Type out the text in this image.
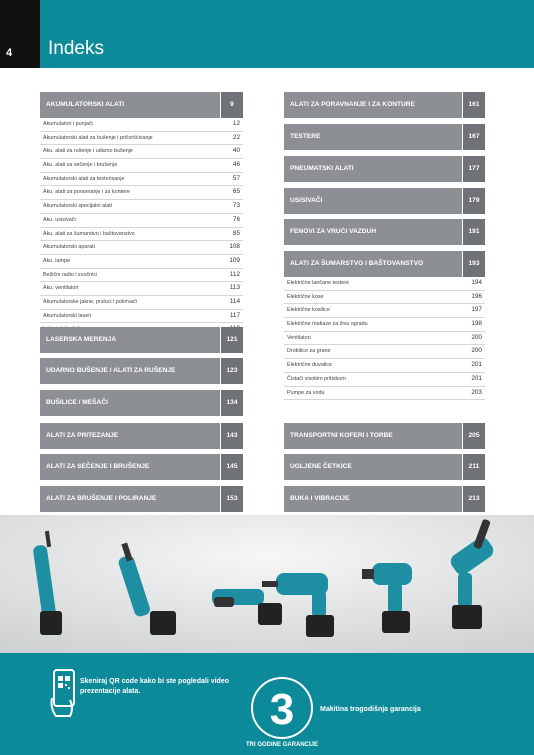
4 Indeks
AKUMULATORSKI ALATI	9
Akumulatori i punjači	12
Akumulatorski alati za bušenje i pričvršćivanje	22
Aku. alati za rušenje i udarno bušenje	40
Aku. alati za sečenje i brušenje	46
Akumulatorski alati za testerisanje	57
Aku. alati za poravnanje i za kontere	65
Akumulatorski specijalni alati	73
Aku. usisivači	76
Aku. alati za šumarstvo i baštovanstvo	85
Akumulatorski aparati	108
Aku. lampe	109
Bežični radio i zvučnici	112
Aku. ventilatori	113
Akumulatorske jakne, prsluci i pokrivači	114
Akumulatorski laseri	117
LASERSKA MERENJA	121
UDARNO BUŠENJE / ALATI ZA RUŠENJE	123
BUŠILICE / MEŠAČI	134
ALATI ZA PRITEZANJE	143
ALATI ZA SEČENJE I BRUŠENJE	145
ALATI ZA BRUŠENJE I POLIRANJE	153
ALATI ZA PORAVNANJE I ZA KONTURE	161
TESTERE	167
PNEUMATSKI ALATI	177
USISIVAČI	179
FENOVI ZA VRUĆI VAZDUH	191
ALATI ZA ŠUMARSTVO I BAŠTOVANSTVO	193
Električne lančane testere	194
Električne kose	196
Električne kosilice	197
Električne makaze za živu ogradu	198
Ventilatori	200
Drobilice za grane	200
Električne duvalice	201
Čistači visokim pritiskom	201
Pumpe za vodu	203
TRANSPORTNI KOFERI I TORBE	205
UGLJENE ČETKICE	211
BUKA I VIBRACIJE	213
Skeniraj QR code kako bi ste pogledali video prezentacije alata.	3
TRI GODINE GARANCIJE
Makitina trogodišnja garancija
